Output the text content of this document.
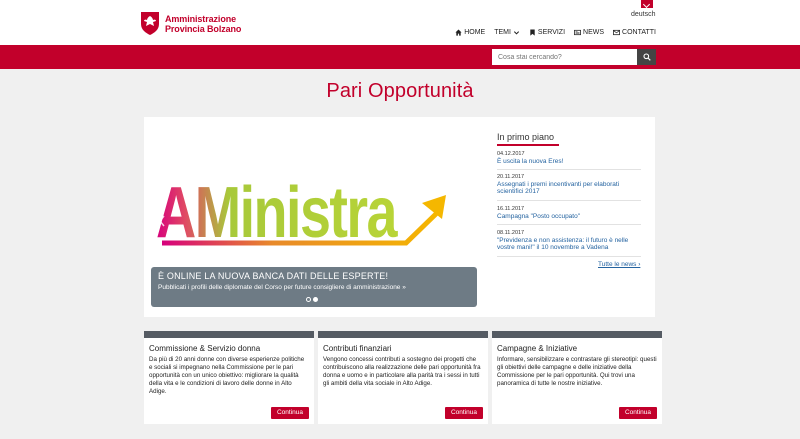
Amministrazione
Provincia Bolzano
deutsch
HOME TEMI	SERVIZI	NEWS	CONTATTI
Cosa stai cercando?
Pari Opportunità
AMinistra
È ONLINE LA NUOVA BANCA DATI DELLE ESPERTE!
Pubblicati i profili delle diplomate del Corso per future consigliere di amministrazione »
In primo piano
04.12.2017
È uscita la nuova Eres!
20.11.2017
Assegnati i premi incentivanti per elaborati scientifici 2017
16.11.2017
Campagna "Posto occupato"
08.11.2017
"Previdenza e non assistenza: il futuro è nelle vostre mani!" il 10 novembre a Vadena
Tutte le news ›
Commissione & Servizio donna
Da più di 20 anni donne con diverse esperienze politiche e sociali si impegnano nella Commissione per le pari opportunità con un unico obiettivo: migliorare la qualità della vita e le condizioni di lavoro delle donne in Alto Adige.
Continua
Contributi finanziari
Vengono concessi contributi a sostegno dei progetti che contribuiscono alla realizzazione delle pari opportunità fra donna e uomo e in particolare alla parità tra i sessi in tutti gli ambiti della vita sociale in Alto Adige.
Continua
Campagne & Iniziative
Informare, sensibilizzare e contrastare gli stereotipi: questi gli obiettivi delle campagne e delle iniziative della Commissione per le pari opportunità. Qui trovi una panoramica di tutte le nostre iniziative.
Continua
